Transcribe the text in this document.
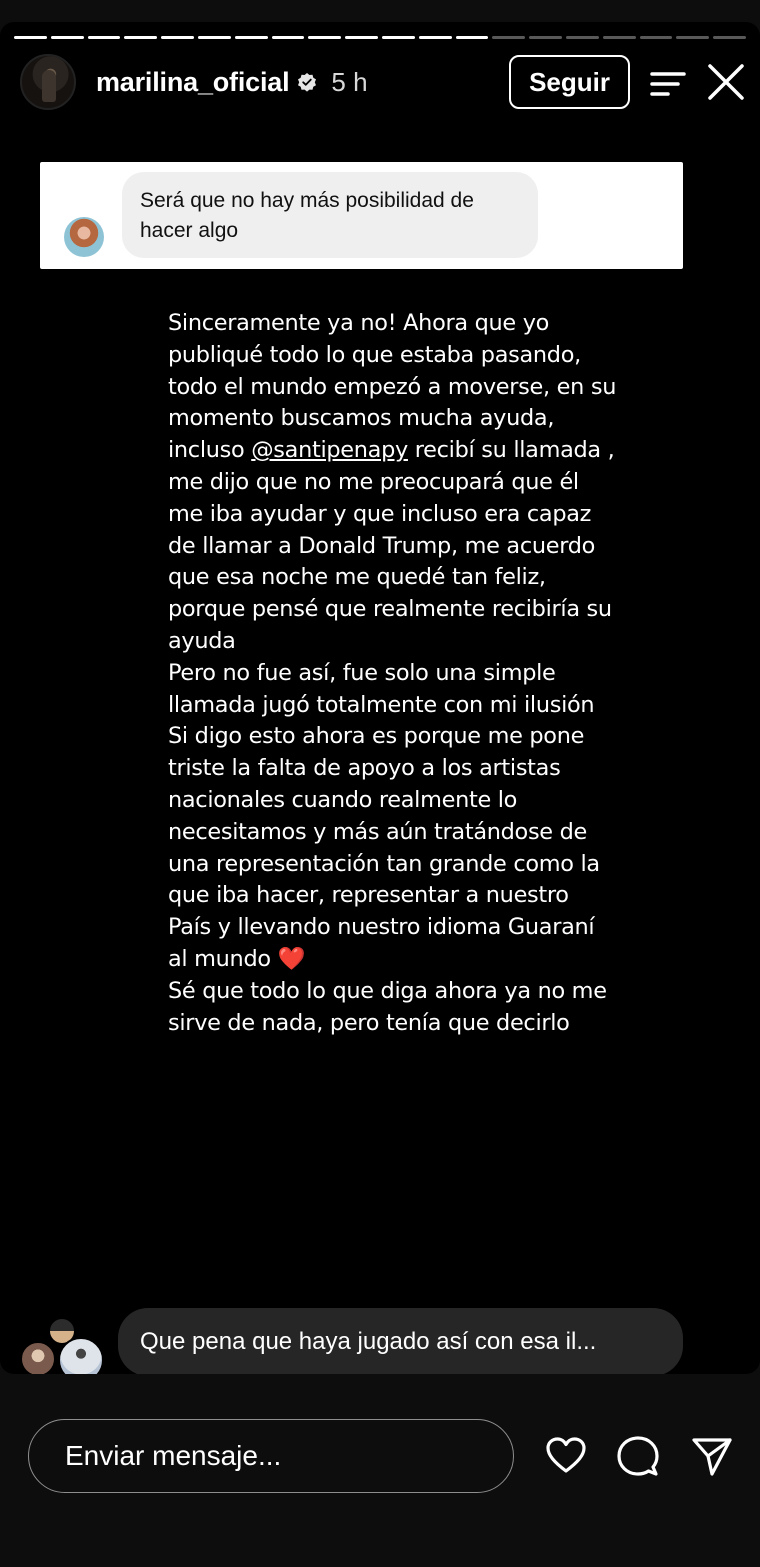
marilina_oficial 5 h	Seguir
Será que no hay más posibilidad de hacer algo
Sinceramente ya no! Ahora que yo publiqué todo lo que estaba pasando, todo el mundo empezó a moverse, en su momento buscamos mucha ayuda, incluso @santipenapy recibí su llamada , me dijo que no me preocupará que él me iba ayudar y que incluso era capaz de llamar a Donald Trump, me acuerdo que esa noche me quedé tan feliz, porque pensé que realmente recibiría su ayuda
Pero no fue así, fue solo una simple llamada jugó totalmente con mi ilusión
Si digo esto ahora es porque me pone triste la falta de apoyo a los artistas nacionales cuando realmente lo necesitamos y más aún tratándose de una representación tan grande como la que iba hacer, representar a nuestro País y llevando nuestro idioma Guaraní al mundo ❤️
Sé que todo lo que diga ahora ya no me sirve de nada, pero tenía que decirlo
Que pena que haya jugado así con esa il...
Enviar mensaje...
